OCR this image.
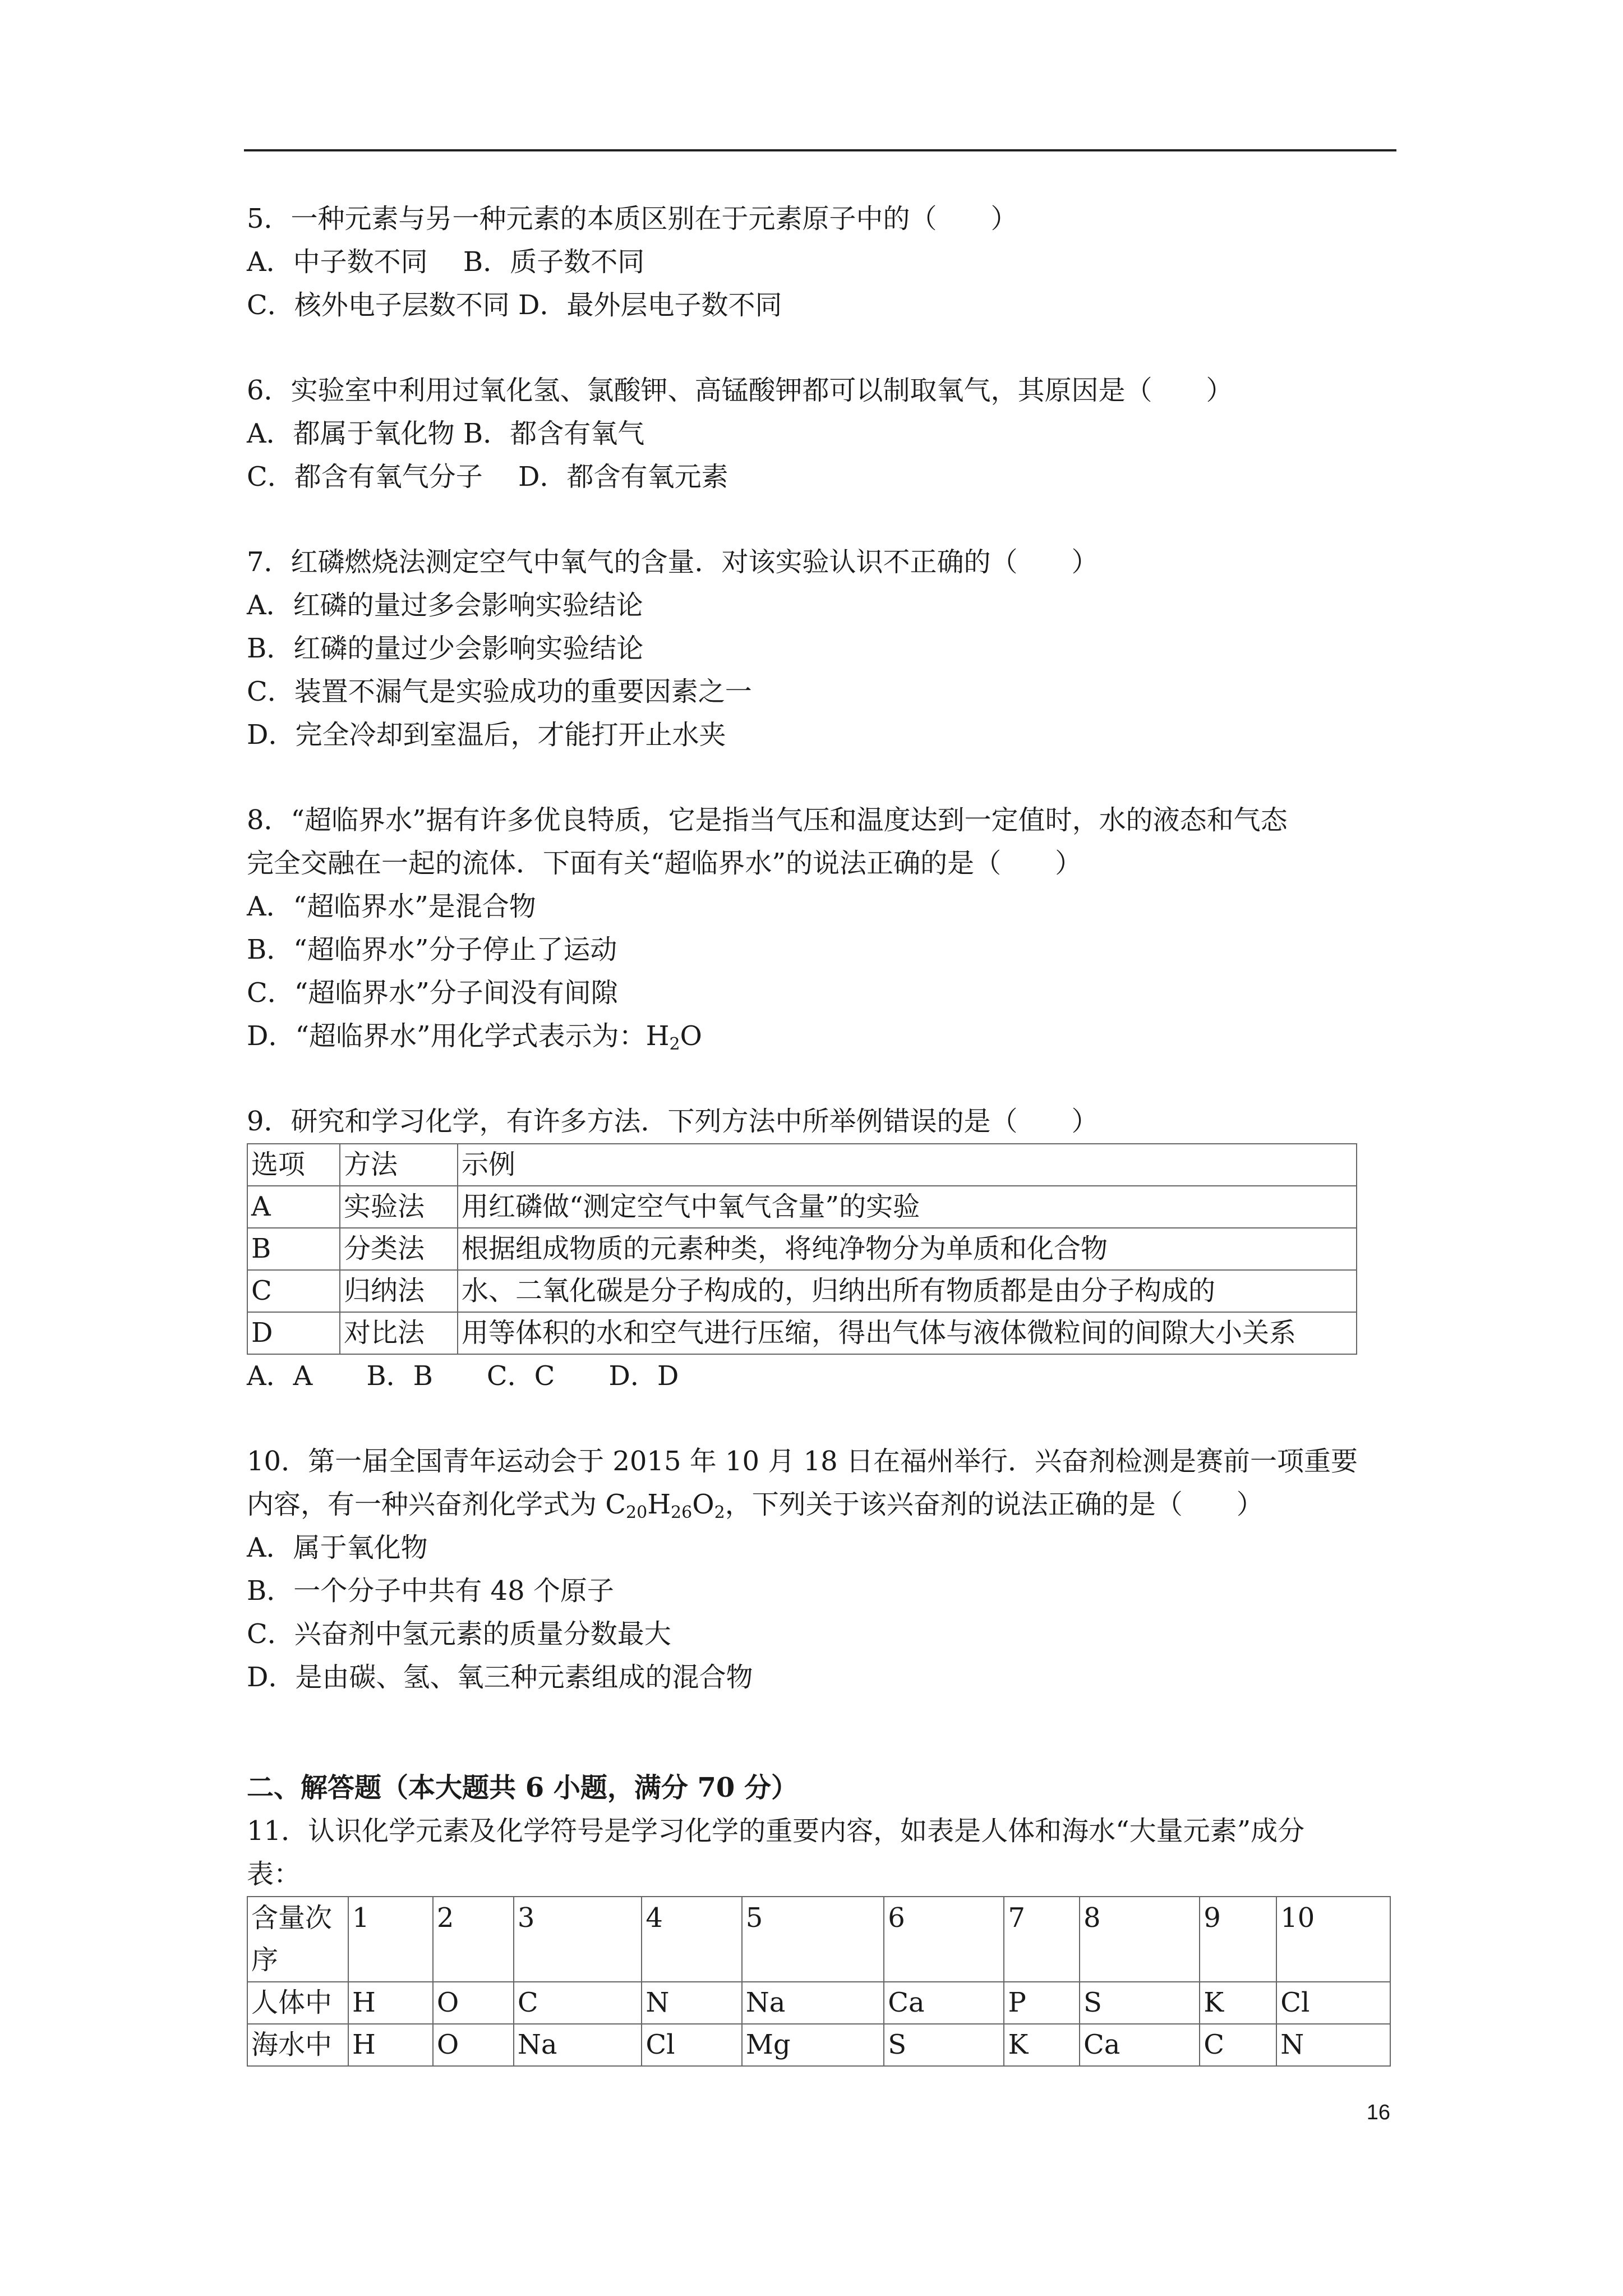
5．一种元素与另一种元素的本质区别在于元素原子中的（　　）
A．中子数不同　 B．质子数不同
C．核外电子层数不同 D．最外层电子数不同
6．实验室中利用过氧化氢、氯酸钾、高锰酸钾都可以制取氧气，其原因是（　　）
A．都属于氧化物 B．都含有氧气
C．都含有氧气分子　 D．都含有氧元素
7．红磷燃烧法测定空气中氧气的含量．对该实验认识不正确的（　　）
A．红磷的量过多会影响实验结论
B．红磷的量过少会影响实验结论
C．装置不漏气是实验成功的重要因素之一
D．完全冷却到室温后，才能打开止水夹
8．“超临界水”据有许多优良特质，它是指当气压和温度达到一定值时，水的液态和气态
完全交融在一起的流体．下面有关“超临界水”的说法正确的是（　　）
A．“超临界水”是混合物
B．“超临界水”分子停止了运动
C．“超临界水”分子间没有间隙
D．“超临界水”用化学式表示为：$H_2O$
9．研究和学习化学，有许多方法．下列方法中所举例错误的是（　　）
选项	方法	示例
A	实验法	用红磷做“测定空气中氧气含量”的实验
B	分类法	根据组成物质的元素种类，将纯净物分为单质和化合物
C	归纳法	水、二氧化碳是分子构成的，归纳出所有物质都是由分子构成的
D	对比法	用等体积的水和空气进行压缩，得出气体与液体微粒间的间隙大小关系
A．A　　B．B　　C．C　　D．D
10．第一届全国青年运动会于 2015 年 10 月 18 日在福州举行．兴奋剂检测是赛前一项重要
内容，有一种兴奋剂化学式为 $C_{20}H_{26}O_2$，下列关于该兴奋剂的说法正确的是（　　）
A．属于氧化物
B．一个分子中共有 48 个原子
C．兴奋剂中氢元素的质量分数最大
D．是由碳、氢、氧三种元素组成的混合物
二、解答题（本大题共 6 小题，满分 70 分）
11．认识化学元素及化学符号是学习化学的重要内容，如表是人体和海水“大量元素”成分
表：
含量次序	1	2	3	4	5	6	7	8	9	10
人体中	H	O	C	N	Na	Ca	P	S	K	Cl
海水中	H	O	Na	Cl	Mg	S	K	Ca	C	N
16
